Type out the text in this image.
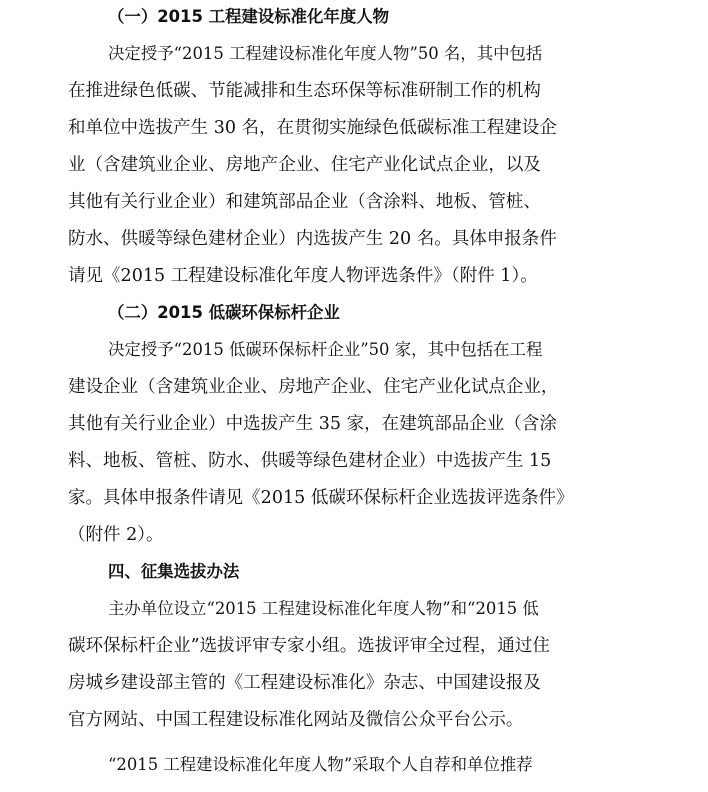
（一）2015 工程建设标准化年度人物
决定授予“2015 工程建设标准化年度人物”50 名，其中包括
在推进绿色低碳、节能减排和生态环保等标准研制工作的机构
和单位中选拔产生 30 名，在贯彻实施绿色低碳标准工程建设企
业（含建筑业企业、房地产企业、住宅产业化试点企业，以及
其他有关行业企业）和建筑部品企业（含涂料、地板、管桩、
防水、供暖等绿色建材企业）内选拔产生 20 名。具体申报条件
请见《2015 工程建设标准化年度人物评选条件》（附件 1）。
（二）2015 低碳环保标杆企业
决定授予“2015 低碳环保标杆企业”50 家，其中包括在工程
建设企业（含建筑业企业、房地产企业、住宅产业化试点企业，
其他有关行业企业）中选拔产生 35 家，在建筑部品企业（含涂
料、地板、管桩、防水、供暖等绿色建材企业）中选拔产生 15
家。具体申报条件请见《2015 低碳环保标杆企业选拔评选条件》
（附件 2）。
四、征集选拔办法
主办单位设立“2015 工程建设标准化年度人物”和“2015 低
碳环保标杆企业”选拔评审专家小组。选拔评审全过程，通过住
房城乡建设部主管的《工程建设标准化》杂志、中国建设报及
官方网站、中国工程建设标准化网站及微信公众平台公示。
“2015 工程建设标准化年度人物”采取个人自荐和单位推荐
